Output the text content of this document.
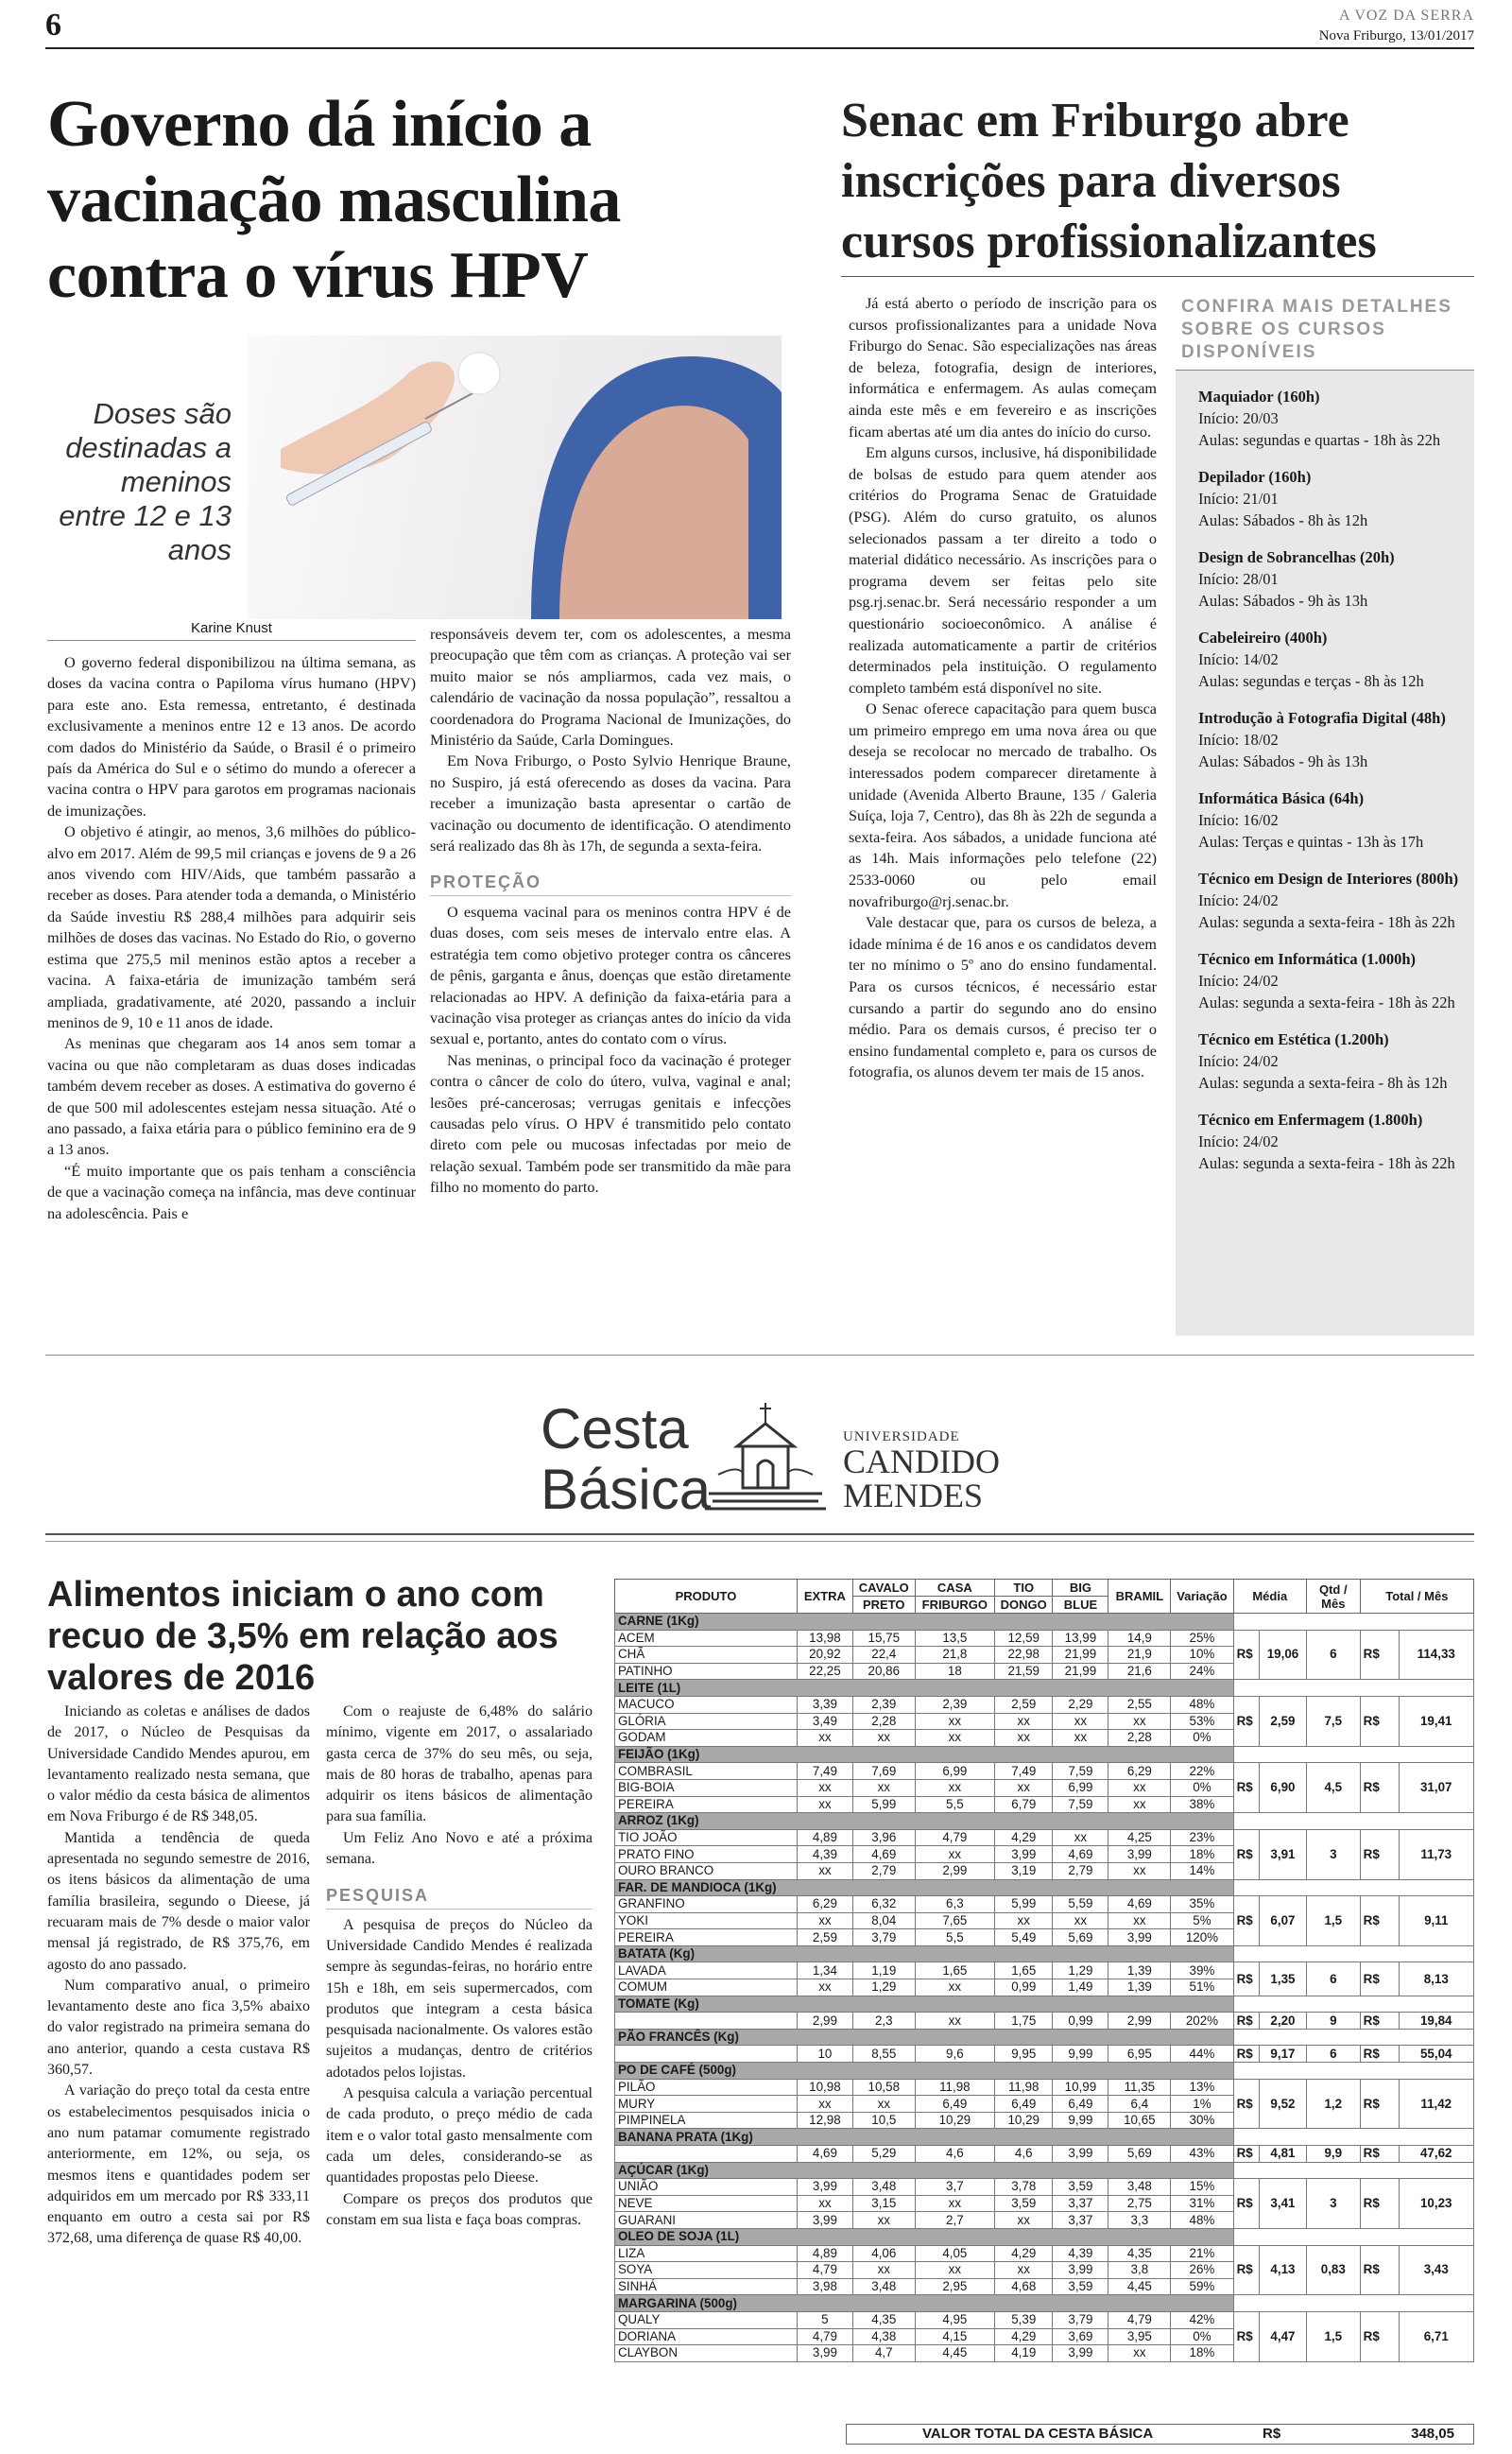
6	A VOZ DA SERRA
Nova Friburgo, 13/01/2017
Governo dá início a vacinação masculina contra o vírus HPV
Doses são destinadas a meninos entre 12 e 13 anos
Karine Knust

O governo federal disponibilizou na última semana, as doses da vacina contra o Papiloma vírus humano (HPV) para este ano. Esta remessa, entretanto, é destinada exclusivamente a meninos entre 12 e 13 anos. De acordo com dados do Ministério da Saúde, o Brasil é o primeiro país da América do Sul e o sétimo do mundo a oferecer a vacina contra o HPV para garotos em programas nacionais de imunizações.

O objetivo é atingir, ao menos, 3,6 milhões do público-alvo em 2017. Além de 99,5 mil crianças e jovens de 9 a 26 anos vivendo com HIV/Aids, que também passarão a receber as doses. Para atender toda a demanda, o Ministério da Saúde investiu R$ 288,4 milhões para adquirir seis milhões de doses das vacinas. No Estado do Rio, o governo estima que 275,5 mil meninos estão aptos a receber a vacina. A faixa-etária de imunização também será ampliada, gradativamente, até 2020, passando a incluir meninos de 9, 10 e 11 anos de idade.

As meninas que chegaram aos 14 anos sem tomar a vacina ou que não completaram as duas doses indicadas também devem receber as doses. A estimativa do governo é de que 500 mil adolescentes estejam nessa situação. Até o ano passado, a faixa etária para o público feminino era de 9 a 13 anos.

“É muito importante que os pais tenham a consciência de que a vacinação começa na infância, mas deve continuar na adolescência. Pais e

responsáveis devem ter, com os adolescentes, a mesma preocupação que têm com as crianças. A proteção vai ser muito maior se nós ampliarmos, cada vez mais, o calendário de vacinação da nossa população”, ressaltou a coordenadora do Programa Nacional de Imunizações, do Ministério da Saúde, Carla Domingues.

Em Nova Friburgo, o Posto Sylvio Henrique Braune, no Suspiro, já está oferecendo as doses da vacina. Para receber a imunização basta apresentar o cartão de vacinação ou documento de identificação. O atendimento será realizado das 8h às 17h, de segunda a sexta-feira.

PROTEÇÃO

O esquema vacinal para os meninos contra HPV é de duas doses, com seis meses de intervalo entre elas. A estratégia tem como objetivo proteger contra os cânceres de pênis, garganta e ânus, doenças que estão diretamente relacionadas ao HPV. A definição da faixa-etária para a vacinação visa proteger as crianças antes do início da vida sexual e, portanto, antes do contato com o vírus.

Nas meninas, o principal foco da vacinação é proteger contra o câncer de colo do útero, vulva, vaginal e anal; lesões pré-cancerosas; verrugas genitais e infecções causadas pelo vírus. O HPV é transmitido pelo contato direto com pele ou mucosas infectadas por meio de relação sexual. Também pode ser transmitido da mãe para filho no momento do parto.

Senac em Friburgo abre inscrições para diversos cursos profissionalizantes

Já está aberto o período de inscrição para os cursos profissionalizantes para a unidade Nova Friburgo do Senac. São especializações nas áreas de beleza, fotografia, design de interiores, informática e enfermagem. As aulas começam ainda este mês e em fevereiro e as inscrições ficam abertas até um dia antes do início do curso.

Em alguns cursos, inclusive, há disponibilidade de bolsas de estudo para quem atender aos critérios do Programa Senac de Gratuidade (PSG). Além do curso gratuito, os alunos selecionados passam a ter direito a todo o material didático necessário. As inscrições para o programa devem ser feitas pelo site psg.rj.senac.br. Será necessário responder a um questionário socioeconômico. A análise é realizada automaticamente a partir de critérios determinados pela instituição. O regulamento completo também está disponível no site.

O Senac oferece capacitação para quem busca um primeiro emprego em uma nova área ou que deseja se recolocar no mercado de trabalho. Os interessados podem comparecer diretamente à unidade (Avenida Alberto Braune, 135 / Galeria Suíça, loja 7, Centro), das 8h às 22h de segunda a sexta-feira. Aos sábados, a unidade funciona até as 14h. Mais informações pelo telefone (22) 2533-0060 ou pelo email novafriburgo@rj.senac.br.

Vale destacar que, para os cursos de beleza, a idade mínima é de 16 anos e os candidatos devem ter no mínimo o 5º ano do ensino fundamental. Para os cursos técnicos, é necessário estar cursando a partir do segundo ano do ensino médio. Para os demais cursos, é preciso ter o ensino fundamental completo e, para os cursos de fotografia, os alunos devem ter mais de 15 anos.

CONFIRA MAIS DETALHES SOBRE OS CURSOS DISPONÍVEIS
Maquiador (160h)
Início: 20/03
Aulas: segundas e quartas - 18h às 22h
Depilador (160h)
Início: 21/01
Aulas: Sábados - 8h às 12h
Design de Sobrancelhas (20h)
Início: 28/01
Aulas: Sábados - 9h às 13h
Cabeleireiro (400h)
Início: 14/02
Aulas: segundas e terças - 8h às 12h
Introdução à Fotografia Digital (48h)
Início: 18/02
Aulas: Sábados - 9h às 13h
Informática Básica (64h)
Início: 16/02
Aulas: Terças e quintas - 13h às 17h
Técnico em Design de Interiores (800h)
Início: 24/02
Aulas: segunda a sexta-feira - 18h às 22h
Técnico em Informática (1.000h)
Início: 24/02
Aulas: segunda a sexta-feira - 18h às 22h
Técnico em Estética (1.200h)
Início: 24/02
Aulas: segunda a sexta-feira - 8h às 12h
Técnico em Enfermagem (1.800h)
Início: 24/02
Aulas: segunda a sexta-feira - 18h às 22h
Cesta
Básica
UNIVERSIDADE
CANDIDO
MENDES
Alimentos iniciam o ano com recuo de 3,5% em relação aos valores de 2016

Iniciando as coletas e análises de dados de 2017, o Núcleo de Pesquisas da Universidade Candido Mendes apurou, em levantamento realizado nesta semana, que o valor médio da cesta básica de alimentos em Nova Friburgo é de R$ 348,05.

Mantida a tendência de queda apresentada no segundo semestre de 2016, os itens básicos da alimentação de uma família brasileira, segundo o Dieese, já recuaram mais de 7% desde o maior valor mensal já registrado, de R$ 375,76, em agosto do ano passado.

Num comparativo anual, o primeiro levantamento deste ano fica 3,5% abaixo do valor registrado na primeira semana do ano anterior, quando a cesta custava R$ 360,57.

A variação do preço total da cesta entre os estabelecimentos pesquisados inicia o ano num patamar comumente registrado anteriormente, em 12%, ou seja, os mesmos itens e quantidades podem ser adquiridos em um mercado por R$ 333,11 enquanto em outro a cesta sai por R$ 372,68, uma diferença de quase R$ 40,00.

Com o reajuste de 6,48% do salário mínimo, vigente em 2017, o assalariado gasta cerca de 37% do seu mês, ou seja, mais de 80 horas de trabalho, apenas para adquirir os itens básicos de alimentação para sua família.

Um Feliz Ano Novo e até a próxima semana.

PESQUISA

A pesquisa de preços do Núcleo da Universidade Candido Mendes é realizada sempre às segundas-feiras, no horário entre 15h e 18h, em seis supermercados, com produtos que integram a cesta básica pesquisada nacionalmente. Os valores estão sujeitos a mudanças, dentro de critérios adotados pelos lojistas.

A pesquisa calcula a variação percentual de cada produto, o preço médio de cada item e o valor total gasto mensalmente com cada um deles, considerando-se as quantidades propostas pelo Dieese.

Compare os preços dos produtos que constam em sua lista e faça boas compras.

PRODUTO	EXTRA	CAVALO	CASA	TIO	BIG	BRAMIL	Variação	Média		Qtd / Mês	Total / Mês	
		PRETO	FRIBURGO	DONGO	BLUE							
CARNE (1Kg)												
ACEM	13,98	15,75	13,5	12,59	13,99	14,9	25%	R$	19,06	6	R$	114,33
CHÃ	20,92	22,4	21,8	22,98	21,99	21,9	10%					
PATINHO	22,25	20,86	18	21,59	21,99	21,6	24%					
LEITE (1L)												
MACUCO	3,39	2,39	2,39	2,59	2,29	2,55	48%	R$	2,59	7,5	R$	19,41
GLÓRIA	3,49	2,28	xx	xx	xx	xx	53%					
GODAM	xx	xx	xx	xx	xx	2,28	0%					
FEIJÃO (1Kg)												
COMBRASIL	7,49	7,69	6,99	7,49	7,59	6,29	22%	R$	6,90	4,5	R$	31,07
BIG-BOIA	xx	xx	xx	xx	6,99	xx	0%					
PEREIRA	xx	5,99	5,5	6,79	7,59	xx	38%					
ARROZ (1Kg)												
TIO JOÃO	4,89	3,96	4,79	4,29	xx	4,25	23%	R$	3,91	3	R$	11,73
PRATO FINO	4,39	4,69	xx	3,99	4,69	3,99	18%					
OURO BRANCO	xx	2,79	2,99	3,19	2,79	xx	14%					
FAR. DE MANDIOCA (1Kg)												
GRANFINO	6,29	6,32	6,3	5,99	5,59	4,69	35%	R$	6,07	1,5	R$	9,11
YOKI	xx	8,04	7,65	xx	xx	xx	5%					
PEREIRA	2,59	3,79	5,5	5,49	5,69	3,99	120%					
BATATA (Kg)												
LAVADA	1,34	1,19	1,65	1,65	1,29	1,39	39%	R$	1,35	6	R$	8,13
COMUM	xx	1,29	xx	0,99	1,49	1,39	51%					
TOMATE (Kg)												
	2,99	2,3	xx	1,75	0,99	2,99	202%	R$	2,20	9	R$	19,84
PÃO FRANCÊS (Kg)												
	10	8,55	9,6	9,95	9,99	6,95	44%	R$	9,17	6	R$	55,04
PO DE CAFÉ (500g)												
PILÃO	10,98	10,58	11,98	11,98	10,99	11,35	13%	R$	9,52	1,2	R$	11,42
MURY	xx	xx	6,49	6,49	6,49	6,4	1%					
PIMPINELA	12,98	10,5	10,29	10,29	9,99	10,65	30%					
BANANA PRATA (1Kg)												
	4,69	5,29	4,6	4,6	3,99	5,69	43%	R$	4,81	9,9	R$	47,62
AÇÚCAR (1Kg)												
UNIÃO	3,99	3,48	3,7	3,78	3,59	3,48	15%	R$	3,41	3	R$	10,23
NEVE	xx	3,15	xx	3,59	3,37	2,75	31%					
GUARANI	3,99	xx	2,7	xx	3,37	3,3	48%					
OLEO DE SOJA (1L)												
LIZA	4,89	4,06	4,05	4,29	4,39	4,35	21%	R$	4,13	0,83	R$	3,43
SOYA	4,79	xx	xx	xx	3,99	3,8	26%					
SINHÁ	3,98	3,48	2,95	4,68	3,59	4,45	59%					
MARGARINA (500g)												
QUALY	5	4,35	4,95	5,39	3,79	4,79	42%	R$	4,47	1,5	R$	6,71
DORIANA	4,79	4,38	4,15	4,29	3,69	3,95	0%					
CLAYBON	3,99	4,7	4,45	4,19	3,99	xx	18%					
VALOR TOTAL DA CESTA BÁSICA	R$	348,05
